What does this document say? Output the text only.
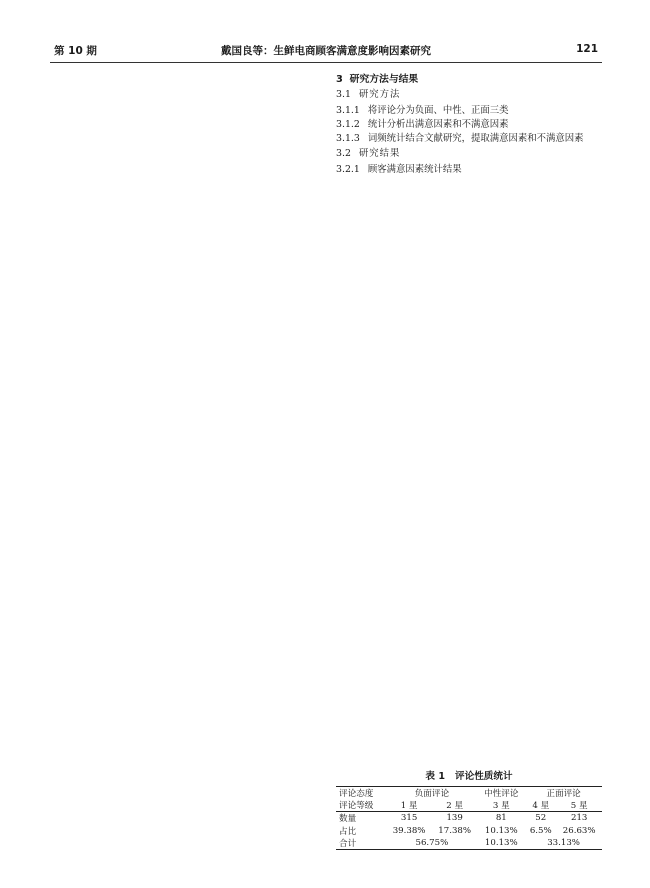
第 10 期	戴国良等：生鲜电商顾客满意度影响因素研究	121

3 研究方法与结果

3.1 研究方法

3.1.1 将评论分为负面、中性、正面三类

3.1.2 统计分析出满意因素和不满意因素

3.1.3 词频统计结合文献研究，提取满意因素和不满意因素

3.2 研究结果

3.2.1 顾客满意因素统计结果

表 1 评论性质统计
评论态度	负面评论		中性评论	正面评论	
评论等级	1 星	2 星	3 星	4 星	5 星
数量	315	139	81	52	213
占比	39.38%	17.38%	10.13%	6.5%	26.63%
合计	56.75%		10.13%	33.13%	
